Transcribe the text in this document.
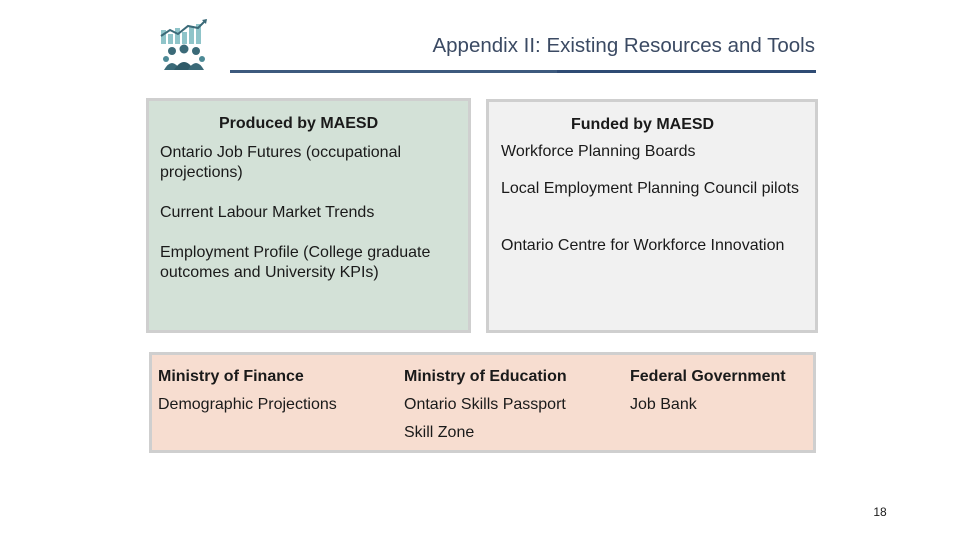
Appendix II: Existing Resources and Tools
Produced by MAESD
Ontario Job Futures (occupational projections)
Current Labour Market Trends
Employment Profile (College graduate outcomes and University KPIs)
Funded by MAESD
Workforce Planning Boards
Local Employment Planning Council pilots
Ontario Centre for Workforce Innovation
Ministry of Finance
Demographic Projections
Ministry of Education
Ontario Skills Passport
Skill Zone
Federal Government
Job Bank
18
